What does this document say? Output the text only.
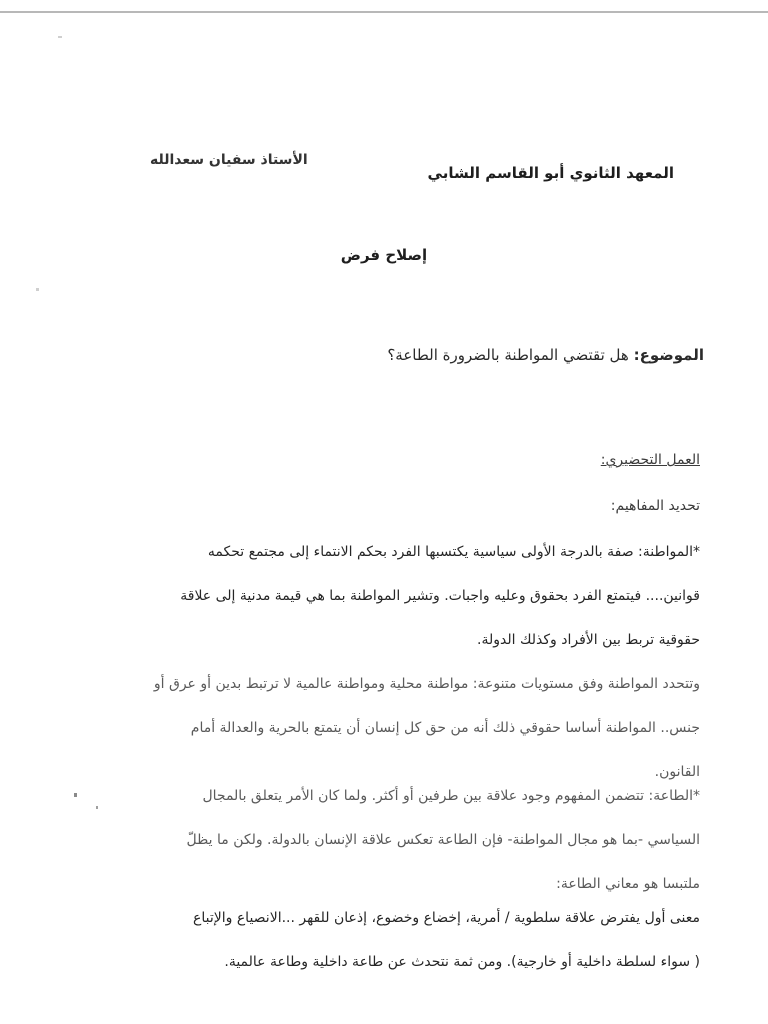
المعهد الثانوي أبو القاسم الشابي
الأستاذ سفيان سعدالله
إصلاح فرض
الموضوع: هل تقتضي المواطنة بالضرورة الطاعة؟
العمل التحضيري:
تحديد المفاهيم:
*المواطنة: صفة بالدرجة الأولى سياسية يكتسبها الفرد بحكم الانتماء إلى مجتمع تحكمه
قوانين.... فيتمتع الفرد بحقوق وعليه واجبات. وتشير المواطنة بما هي قيمة مدنية إلى علاقة
حقوقية تربط بين الأفراد وكذلك الدولة.
وتتحدد المواطنة وفق مستويات متنوعة: مواطنة محلية ومواطنة عالمية لا ترتبط بدين أو عرق أو
جنس.. المواطنة أساسا حقوقي ذلك أنه من حق كل إنسان أن يتمتع بالحرية والعدالة أمام
القانون.
*الطاعة: تتضمن المفهوم وجود علاقة بين طرفين أو أكثر. ولما كان الأمر يتعلق بالمجال
السياسي -بما هو مجال المواطنة- فإن الطاعة تعكس علاقة الإنسان بالدولة. ولكن ما يظلّ
ملتبسا هو معاني الطاعة:
معنى أول يفترض علاقة سلطوية / أمرية، إخضاع وخضوع، إذعان للقهر ...الانصياع والإتباع
( سواء لسلطة داخلية أو خارجية). ومن ثمة نتحدث عن طاعة داخلية وطاعة عالمية.
